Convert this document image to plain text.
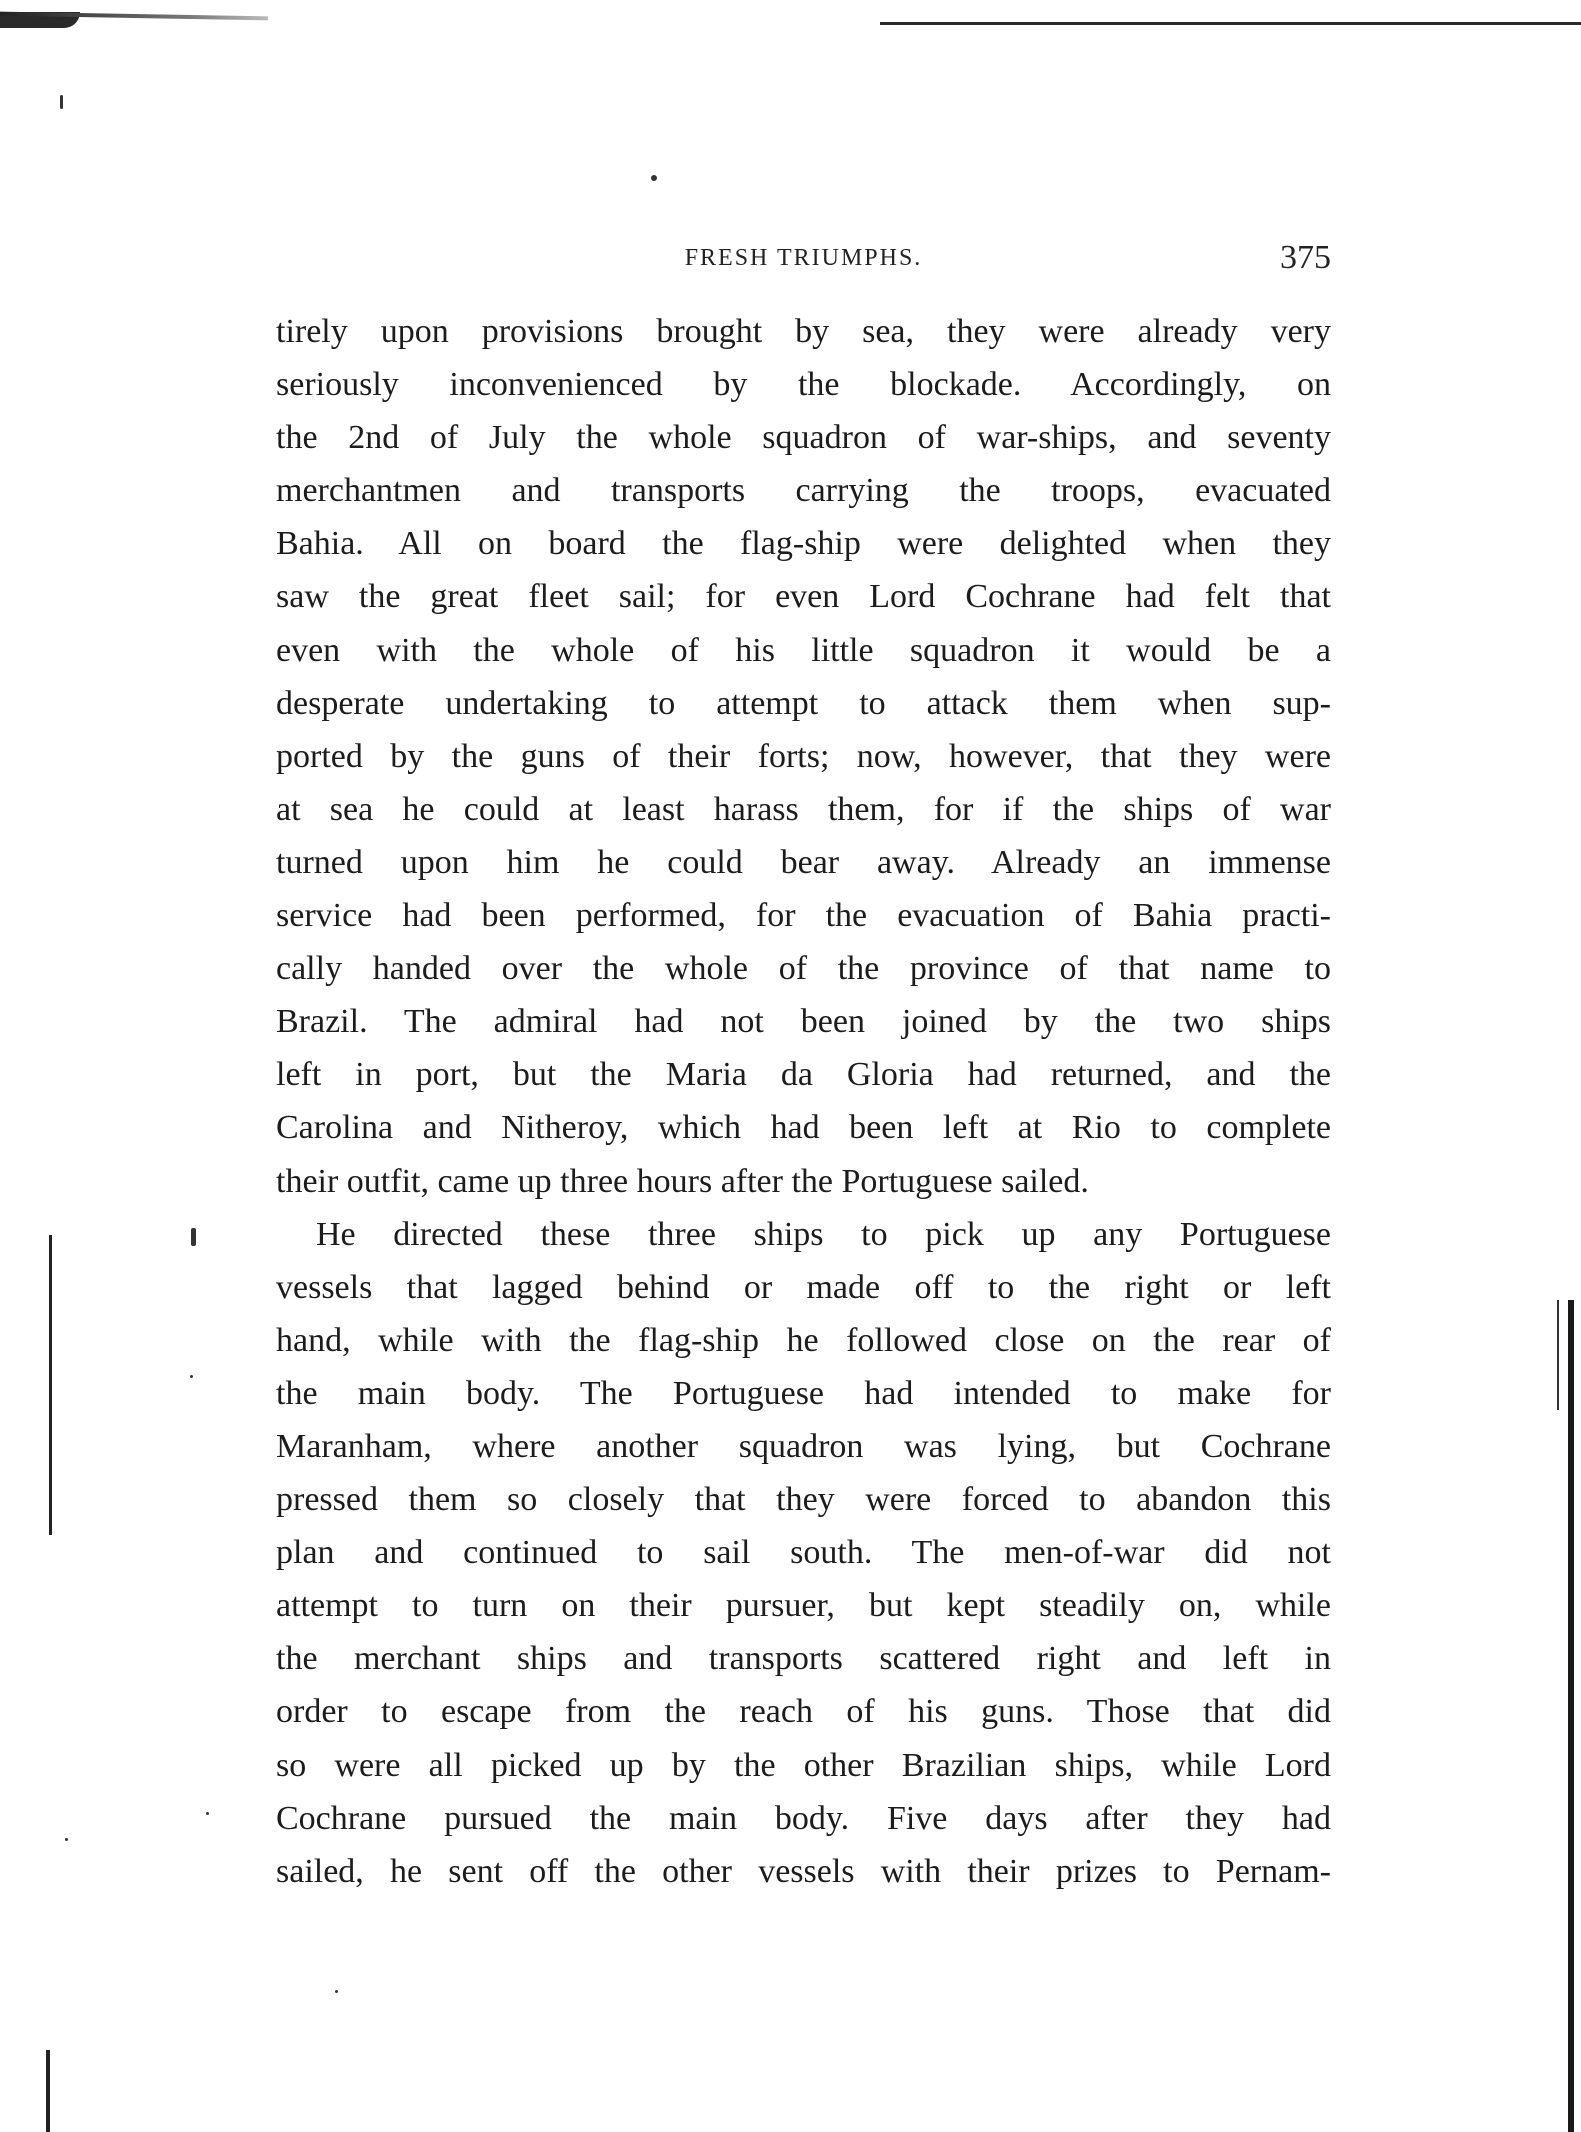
FRESH TRIUMPHS.	375
tirely upon provisions brought by sea, they were already very
seriously inconvenienced by the blockade. Accordingly, on
the 2nd of July the whole squadron of war-ships, and seventy
merchantmen and transports carrying the troops, evacuated
Bahia. All on board the flag-ship were delighted when they
saw the great fleet sail; for even Lord Cochrane had felt that
even with the whole of his little squadron it would be a
desperate undertaking to attempt to attack them when sup-
ported by the guns of their forts; now, however, that they were
at sea he could at least harass them, for if the ships of war
turned upon him he could bear away. Already an immense
service had been performed, for the evacuation of Bahia practi-
cally handed over the whole of the province of that name to
Brazil. The admiral had not been joined by the two ships
left in port, but the Maria da Gloria had returned, and the
Carolina and Nitheroy, which had been left at Rio to complete
their outfit, came up three hours after the Portuguese sailed.
He directed these three ships to pick up any Portuguese
vessels that lagged behind or made off to the right or left
hand, while with the flag-ship he followed close on the rear of
the main body. The Portuguese had intended to make for
Maranham, where another squadron was lying, but Cochrane
pressed them so closely that they were forced to abandon this
plan and continued to sail south. The men-of-war did not
attempt to turn on their pursuer, but kept steadily on, while
the merchant ships and transports scattered right and left in
order to escape from the reach of his guns. Those that did
so were all picked up by the other Brazilian ships, while Lord
Cochrane pursued the main body. Five days after they had
sailed, he sent off the other vessels with their prizes to Pernam-
